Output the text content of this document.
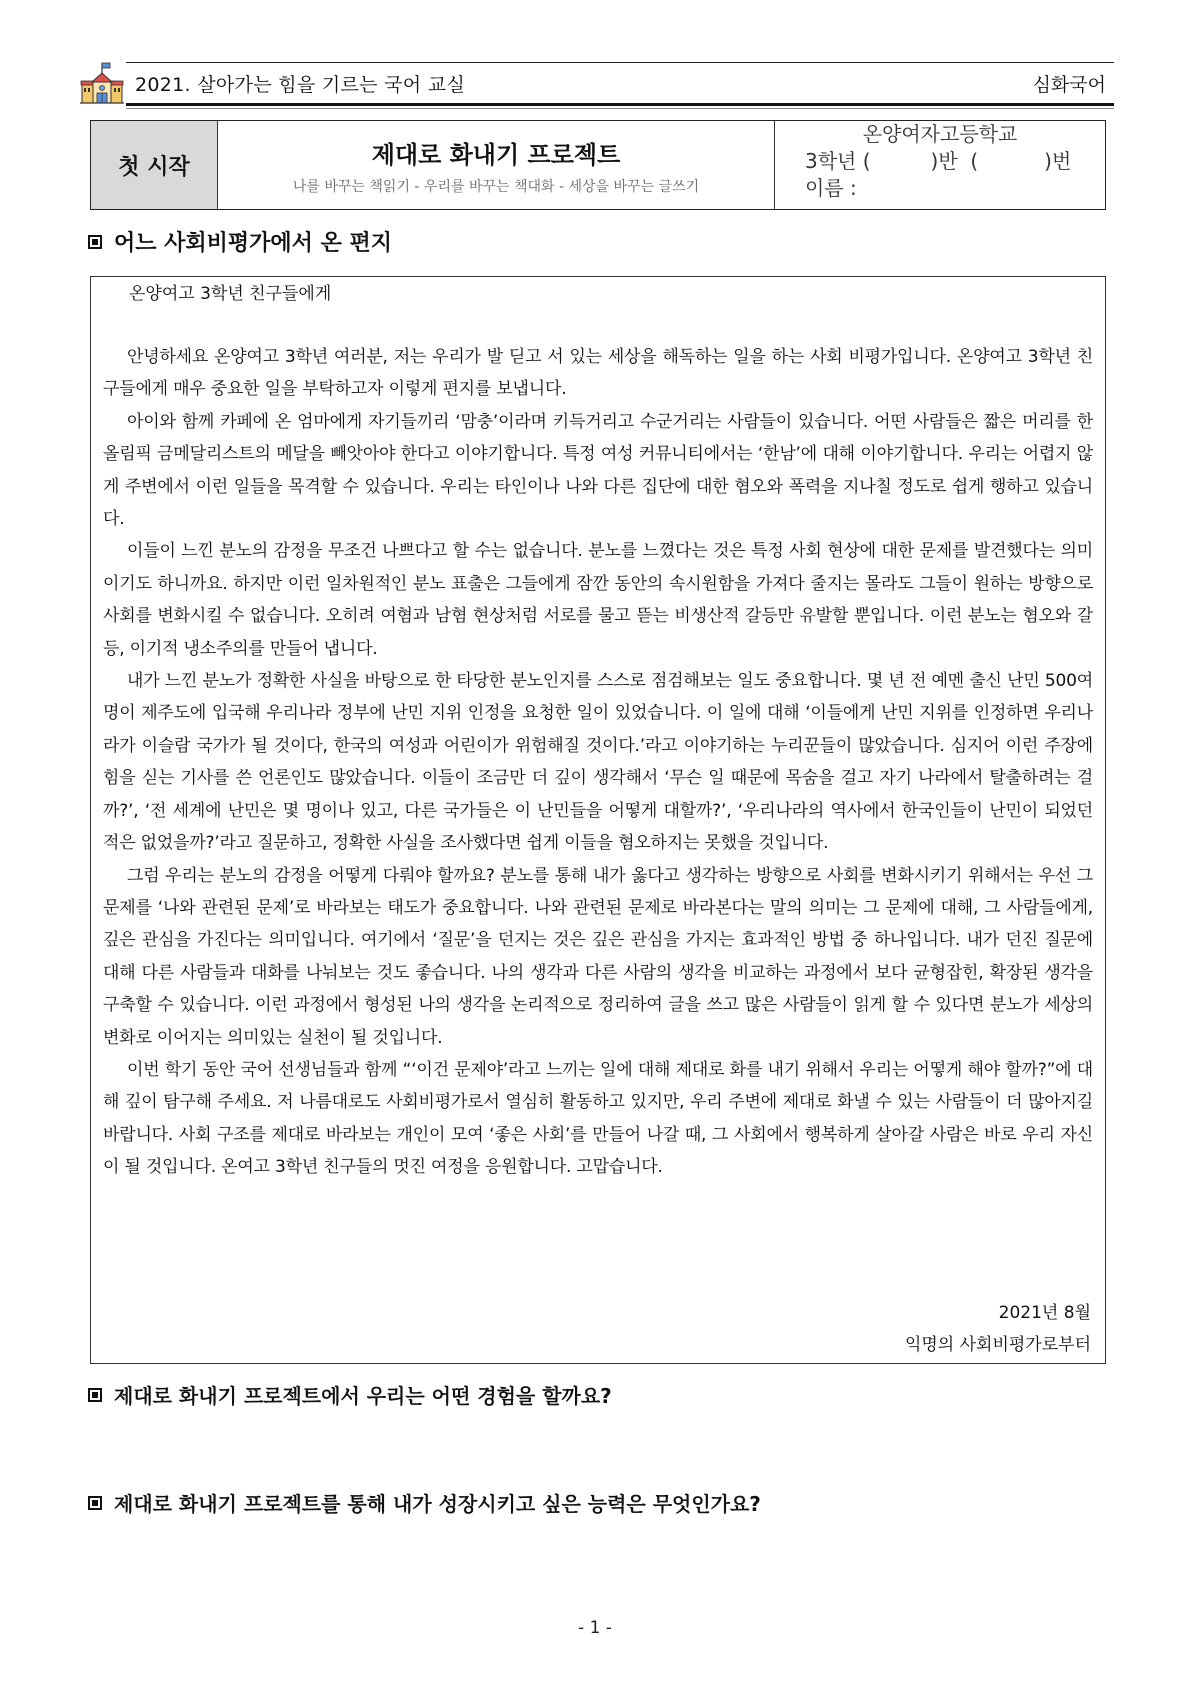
2021. 살아가는 힘을 기르는 국어 교실	심화국어
첫 시작	제대로 화내기 프로젝트
나를 바꾸는 책읽기 - 우리를 바꾸는 책대화 - 세상을 바꾸는 글쓰기
온양여자고등학교
3학년 (	)반  (	)번
이름 :
어느 사회비평가에서 온 편지
온양여고 3학년 친구들에게

안녕하세요 온양여고 3학년 여러분, 저는 우리가 발 딛고 서 있는 세상을 해독하는 일을 하는 사회 비평가입니다. 온양여고 3학년 친구들에게 매우 중요한 일을 부탁하고자 이렇게 편지를 보냅니다.

아이와 함께 카페에 온 엄마에게 자기들끼리 ‘맘충’이라며 키득거리고 수군거리는 사람들이 있습니다. 어떤 사람들은 짧은 머리를 한 올림픽 금메달리스트의 메달을 빼앗아야 한다고 이야기합니다. 특정 여성 커뮤니티에서는 ‘한남’에 대해 이야기합니다. 우리는 어렵지 않게 주변에서 이런 일들을 목격할 수 있습니다. 우리는 타인이나 나와 다른 집단에 대한 혐오와 폭력을 지나칠 정도로 쉽게 행하고 있습니다.

이들이 느낀 분노의 감정을 무조건 나쁘다고 할 수는 없습니다. 분노를 느꼈다는 것은 특정 사회 현상에 대한 문제를 발견했다는 의미이기도 하니까요. 하지만 이런 일차원적인 분노 표출은 그들에게 잠깐 동안의 속시원함을 가져다 줄지는 몰라도 그들이 원하는 방향으로 사회를 변화시킬 수 없습니다. 오히려 여혐과 남혐 현상처럼 서로를 물고 뜯는 비생산적 갈등만 유발할 뿐입니다. 이런 분노는 혐오와 갈등, 이기적 냉소주의를 만들어 냅니다.

내가 느낀 분노가 정확한 사실을 바탕으로 한 타당한 분노인지를 스스로 점검해보는 일도 중요합니다. 몇 년 전 예멘 출신 난민 500여명이 제주도에 입국해 우리나라 정부에 난민 지위 인정을 요청한 일이 있었습니다. 이 일에 대해 ‘이들에게 난민 지위를 인정하면 우리나라가 이슬람 국가가 될 것이다, 한국의 여성과 어린이가 위험해질 것이다.’라고 이야기하는 누리꾼들이 많았습니다. 심지어 이런 주장에 힘을 싣는 기사를 쓴 언론인도 많았습니다. 이들이 조금만 더 깊이 생각해서 ‘무슨 일 때문에 목숨을 걸고 자기 나라에서 탈출하려는 걸까?’, ‘전 세계에 난민은 몇 명이나 있고, 다른 국가들은 이 난민들을 어떻게 대할까?’, ‘우리나라의 역사에서 한국인들이 난민이 되었던 적은 없었을까?’라고 질문하고, 정확한 사실을 조사했다면 쉽게 이들을 혐오하지는 못했을 것입니다.

그럼 우리는 분노의 감정을 어떻게 다뤄야 할까요? 분노를 통해 내가 옳다고 생각하는 방향으로 사회를 변화시키기 위해서는 우선 그 문제를 ‘나와 관련된 문제’로 바라보는 태도가 중요합니다. 나와 관련된 문제로 바라본다는 말의 의미는 그 문제에 대해, 그 사람들에게, 깊은 관심을 가진다는 의미입니다. 여기에서 ‘질문’을 던지는 것은 깊은 관심을 가지는 효과적인 방법 중 하나입니다. 내가 던진 질문에 대해 다른 사람들과 대화를 나눠보는 것도 좋습니다. 나의 생각과 다른 사람의 생각을 비교하는 과정에서 보다 균형잡힌, 확장된 생각을 구축할 수 있습니다. 이런 과정에서 형성된 나의 생각을 논리적으로 정리하여 글을 쓰고 많은 사람들이 읽게 할 수 있다면 분노가 세상의 변화로 이어지는 의미있는 실천이 될 것입니다.

이번 학기 동안 국어 선생님들과 함께 “‘이건 문제야’라고 느끼는 일에 대해 제대로 화를 내기 위해서 우리는 어떻게 해야 할까?”에 대해 깊이 탐구해 주세요. 저 나름대로도 사회비평가로서 열심히 활동하고 있지만, 우리 주변에 제대로 화낼 수 있는 사람들이 더 많아지길 바랍니다. 사회 구조를 제대로 바라보는 개인이 모여 ‘좋은 사회’를 만들어 나갈 때, 그 사회에서 행복하게 살아갈 사람은 바로 우리 자신이 될 것입니다. 온여고 3학년 친구들의 멋진 여정을 응원합니다. 고맙습니다.

2021년 8월
익명의 사회비평가로부터
제대로 화내기 프로젝트에서 우리는 어떤 경험을 할까요?
제대로 화내기 프로젝트를 통해 내가 성장시키고 싶은 능력은 무엇인가요?
- 1 -
